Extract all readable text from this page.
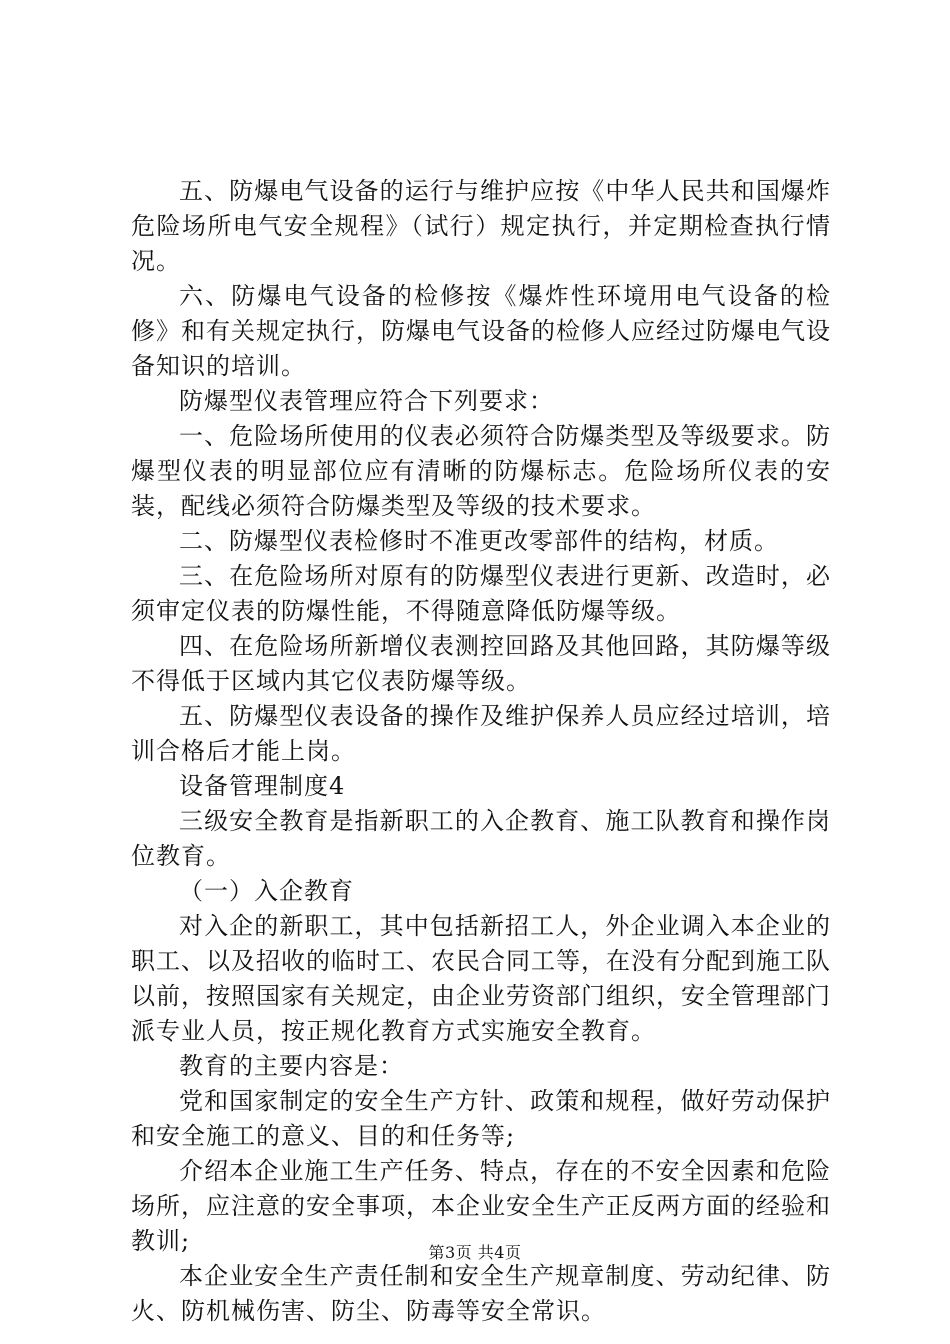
五、防爆电气设备的运行与维护应按《中华人民共和国爆炸危险场所电气安全规程》（试行）规定执行，并定期检查执行情况。

六、防爆电气设备的检修按《爆炸性环境用电气设备的检修》和有关规定执行，防爆电气设备的检修人应经过防爆电气设备知识的培训。

防爆型仪表管理应符合下列要求：

一、危险场所使用的仪表必须符合防爆类型及等级要求。防爆型仪表的明显部位应有清晰的防爆标志。危险场所仪表的安装，配线必须符合防爆类型及等级的技术要求。

二、防爆型仪表检修时不准更改零部件的结构，材质。

三、在危险场所对原有的防爆型仪表进行更新、改造时，必须审定仪表的防爆性能，不得随意降低防爆等级。

四、在危险场所新增仪表测控回路及其他回路，其防爆等级不得低于区域内其它仪表防爆等级。

五、防爆型仪表设备的操作及维护保养人员应经过培训，培训合格后才能上岗。

设备管理制度4

三级安全教育是指新职工的入企教育、施工队教育和操作岗位教育。

（一）入企教育

对入企的新职工，其中包括新招工人，外企业调入本企业的职工、以及招收的临时工、农民合同工等，在没有分配到施工队以前，按照国家有关规定，由企业劳资部门组织，安全管理部门派专业人员，按正规化教育方式实施安全教育。

教育的主要内容是：

党和国家制定的安全生产方针、政策和规程，做好劳动保护和安全施工的意义、目的和任务等;

介绍本企业施工生产任务、特点，存在的不安全因素和危险场所，应注意的安全事项，本企业安全生产正反两方面的经验和教训;

本企业安全生产责任制和安全生产规章制度、劳动纪律、防火、防机械伤害、防尘、防毒等安全常识。

第3页 共4页
